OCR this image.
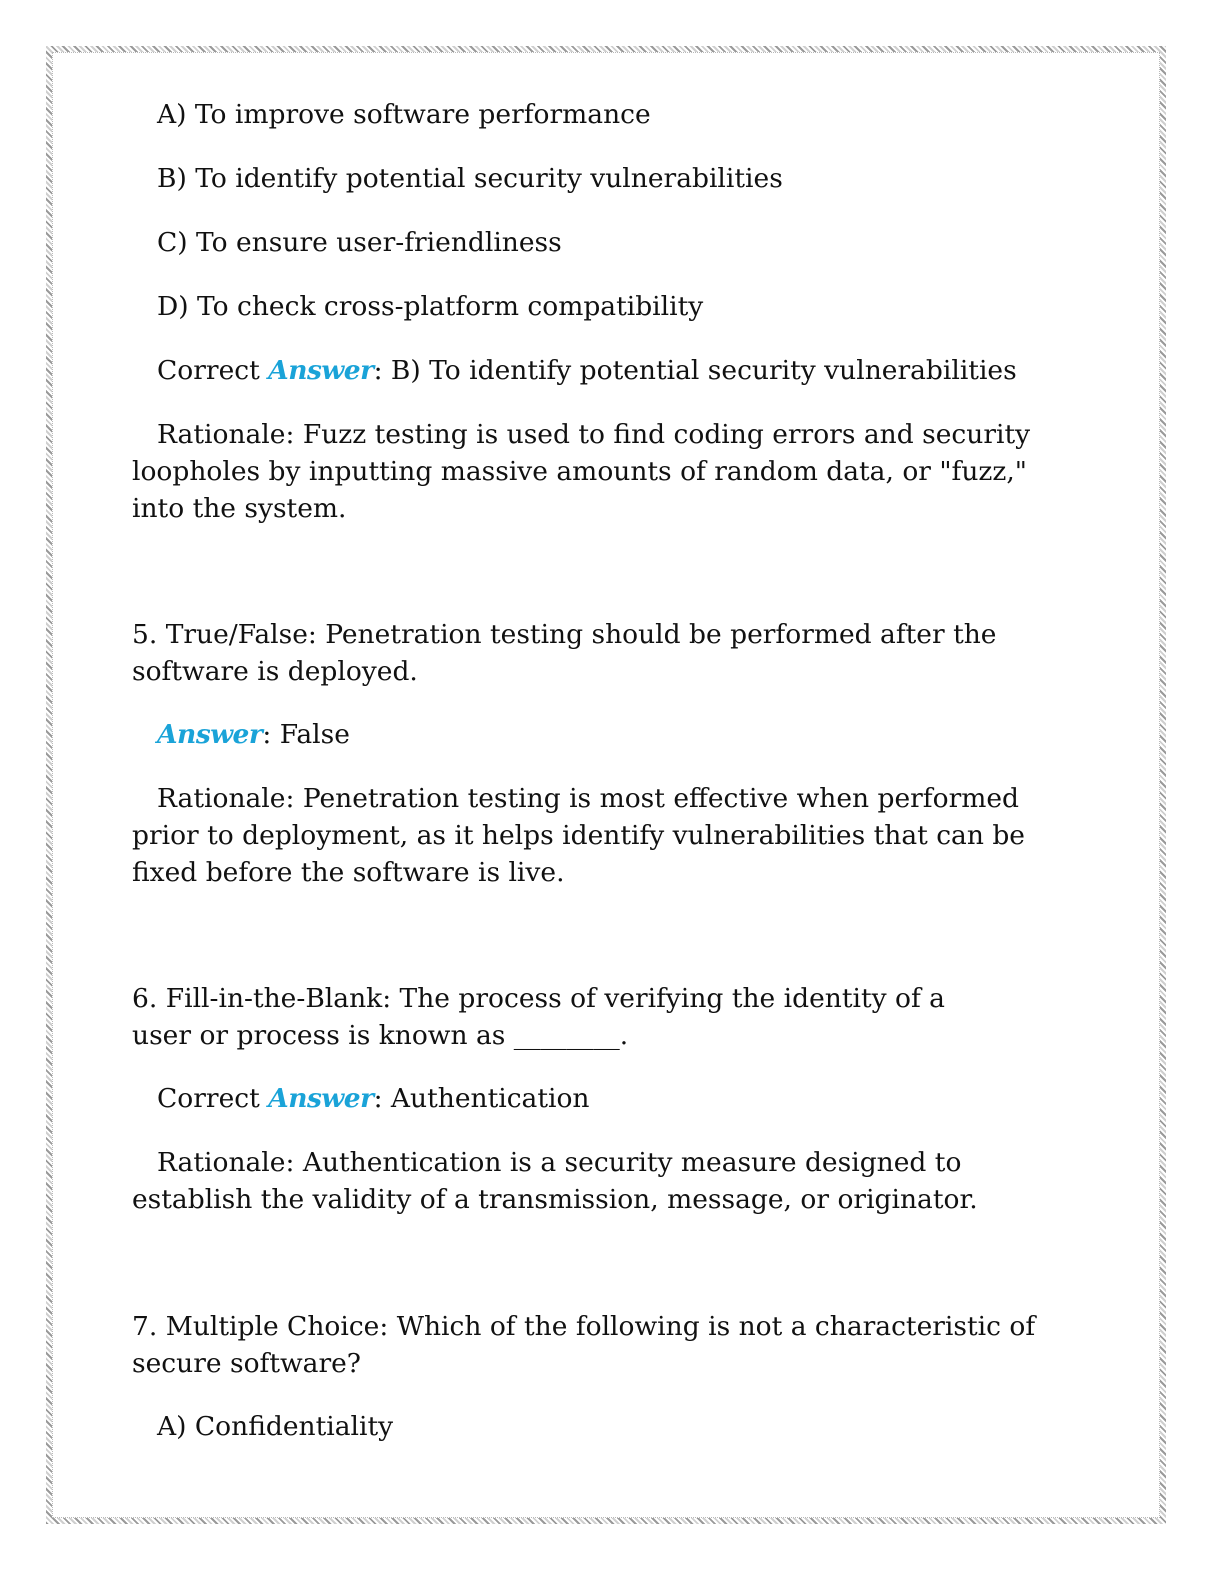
A) To improve software performance

B) To identify potential security vulnerabilities

C) To ensure user-friendliness

D) To check cross-platform compatibility

Correct Answer: B) To identify potential security vulnerabilities

Rationale: Fuzz testing is used to find coding errors and security loopholes by inputting massive amounts of random data, or "fuzz," into the system.

5. True/False: Penetration testing should be performed after the software is deployed.

Answer: False

Rationale: Penetration testing is most effective when performed prior to deployment, as it helps identify vulnerabilities that can be fixed before the software is live.

6. Fill-in-the-Blank: The process of verifying the identity of a user or process is known as ________.

Correct Answer: Authentication

Rationale: Authentication is a security measure designed to establish the validity of a transmission, message, or originator.

7. Multiple Choice: Which of the following is not a characteristic of secure software?

A) Confidentiality
